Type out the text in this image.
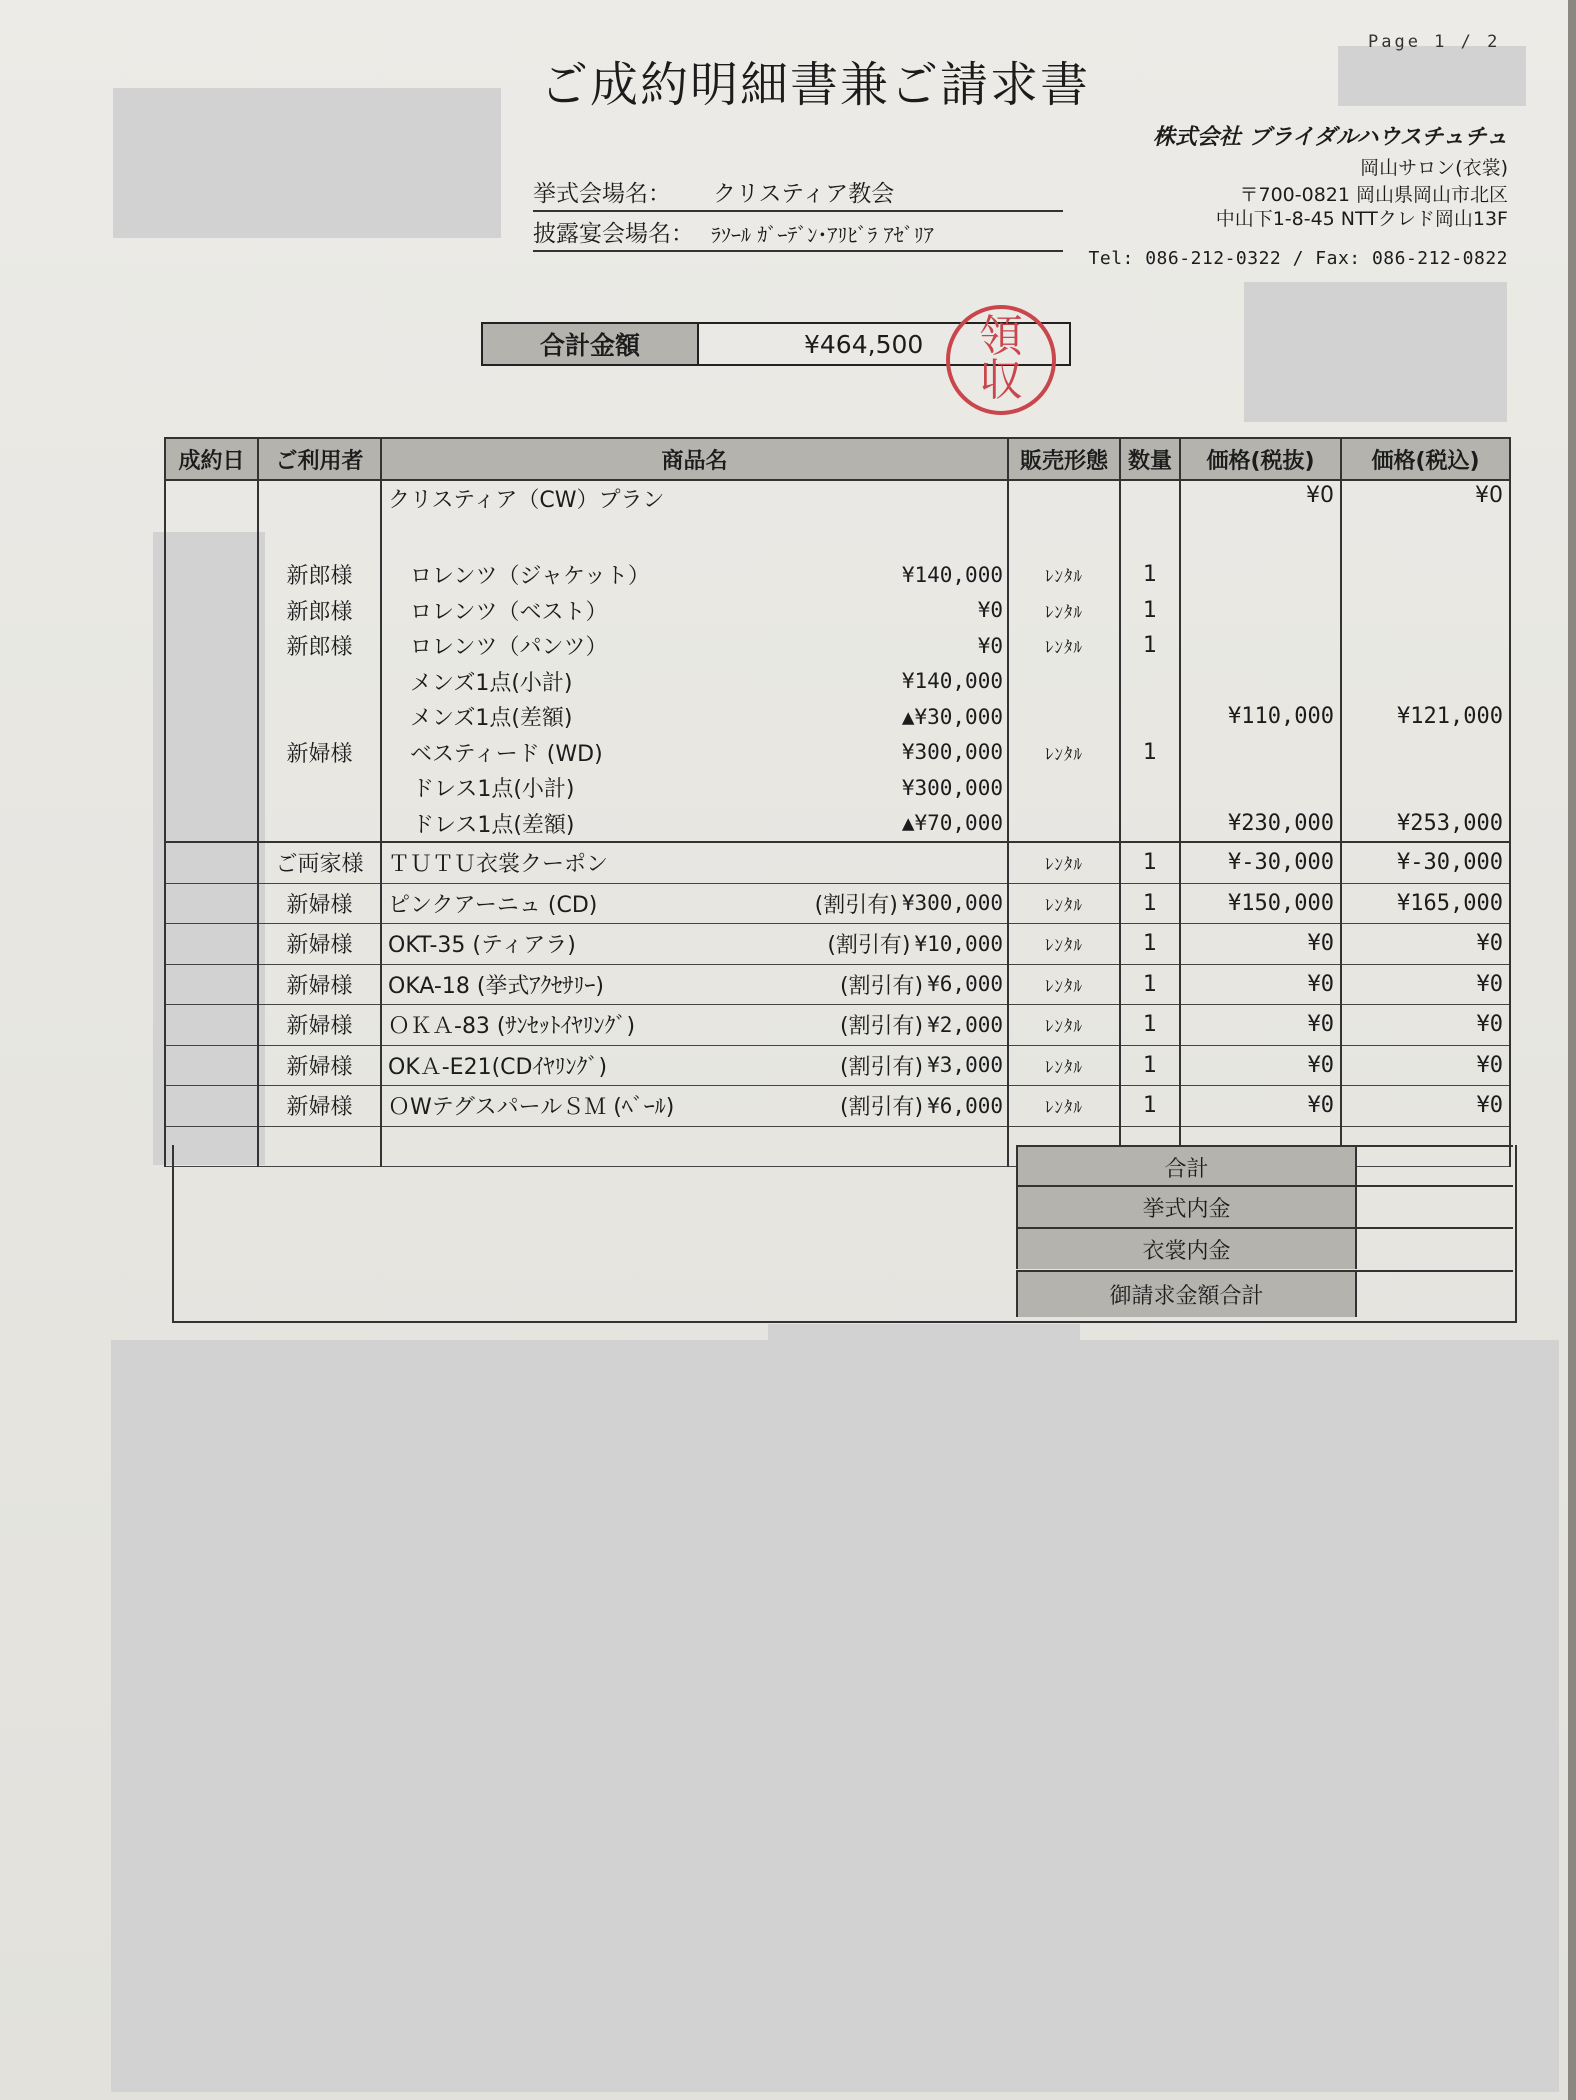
Page 1 / 2
ご成約明細書兼ご請求書
株式会社 ブライダルハウスチュチュ
岡山サロン(衣裳)
〒700-0821 岡山県岡山市北区
中山下1-8-45 NTTクレド岡山13F
Tel: 086-212-0322 / Fax: 086-212-0822
挙式会場名： クリスティア教会
披露宴会場名： ﾗｿｰﾙ ｶﾞｰﾃﾞﾝ･ｱﾘﾋﾞﾗ ｱｾﾞﾘｱ
合計金額	¥464,500	領
収
成約日	ご利用者	商品名	販売形態	数量	価格(税抜)	価格(税込)
		クリスティア（CW）プラン			¥0	¥0
	新郎様	ロレンツ（ジャケット） ¥140,000	ﾚﾝﾀﾙ	1		
	新郎様	ロレンツ（ベスト） ¥0	ﾚﾝﾀﾙ	1		
	新郎様	ロレンツ（パンツ） ¥0	ﾚﾝﾀﾙ	1		

		メンズ1点(小計) ¥140,000				

		メンズ1点(差額) ▲¥30,000			¥110,000	¥121,000
	新婦様	ベスティード (WD) ¥300,000	ﾚﾝﾀﾙ	1		

		ドレス1点(小計) ¥300,000				

		ドレス1点(差額) ▲¥70,000			¥230,000	¥253,000
	ご両家様	ＴＵＴＵ衣裳クーポン	ﾚﾝﾀﾙ	1	¥-30,000	¥-30,000
	新婦様	ピンクアーニュ (CD) (割引有) ¥300,000	ﾚﾝﾀﾙ	1	¥150,000	¥165,000
	新婦様	OKT-35 (ティアラ) (割引有) ¥10,000	ﾚﾝﾀﾙ	1	¥0	¥0
	新婦様	OKA-18 (挙式ｱｸｾｻﾘｰ) (割引有) ¥6,000	ﾚﾝﾀﾙ	1	¥0	¥0
	新婦様	ＯＫＡ-83 (ｻﾝｾｯﾄｲﾔﾘﾝｸﾞ) (割引有) ¥2,000	ﾚﾝﾀﾙ	1	¥0	¥0
	新婦様	OKＡ-E21(CDｲﾔﾘﾝｸﾞ) (割引有) ¥3,000	ﾚﾝﾀﾙ	1	¥0	¥0
	新婦様	ＯWテグスパールＳＭ (ﾍﾞｰﾙ) (割引有) ¥6,000	ﾚﾝﾀﾙ	1	¥0	¥0

合計
挙式内金
衣裳内金
御請求金額合計
